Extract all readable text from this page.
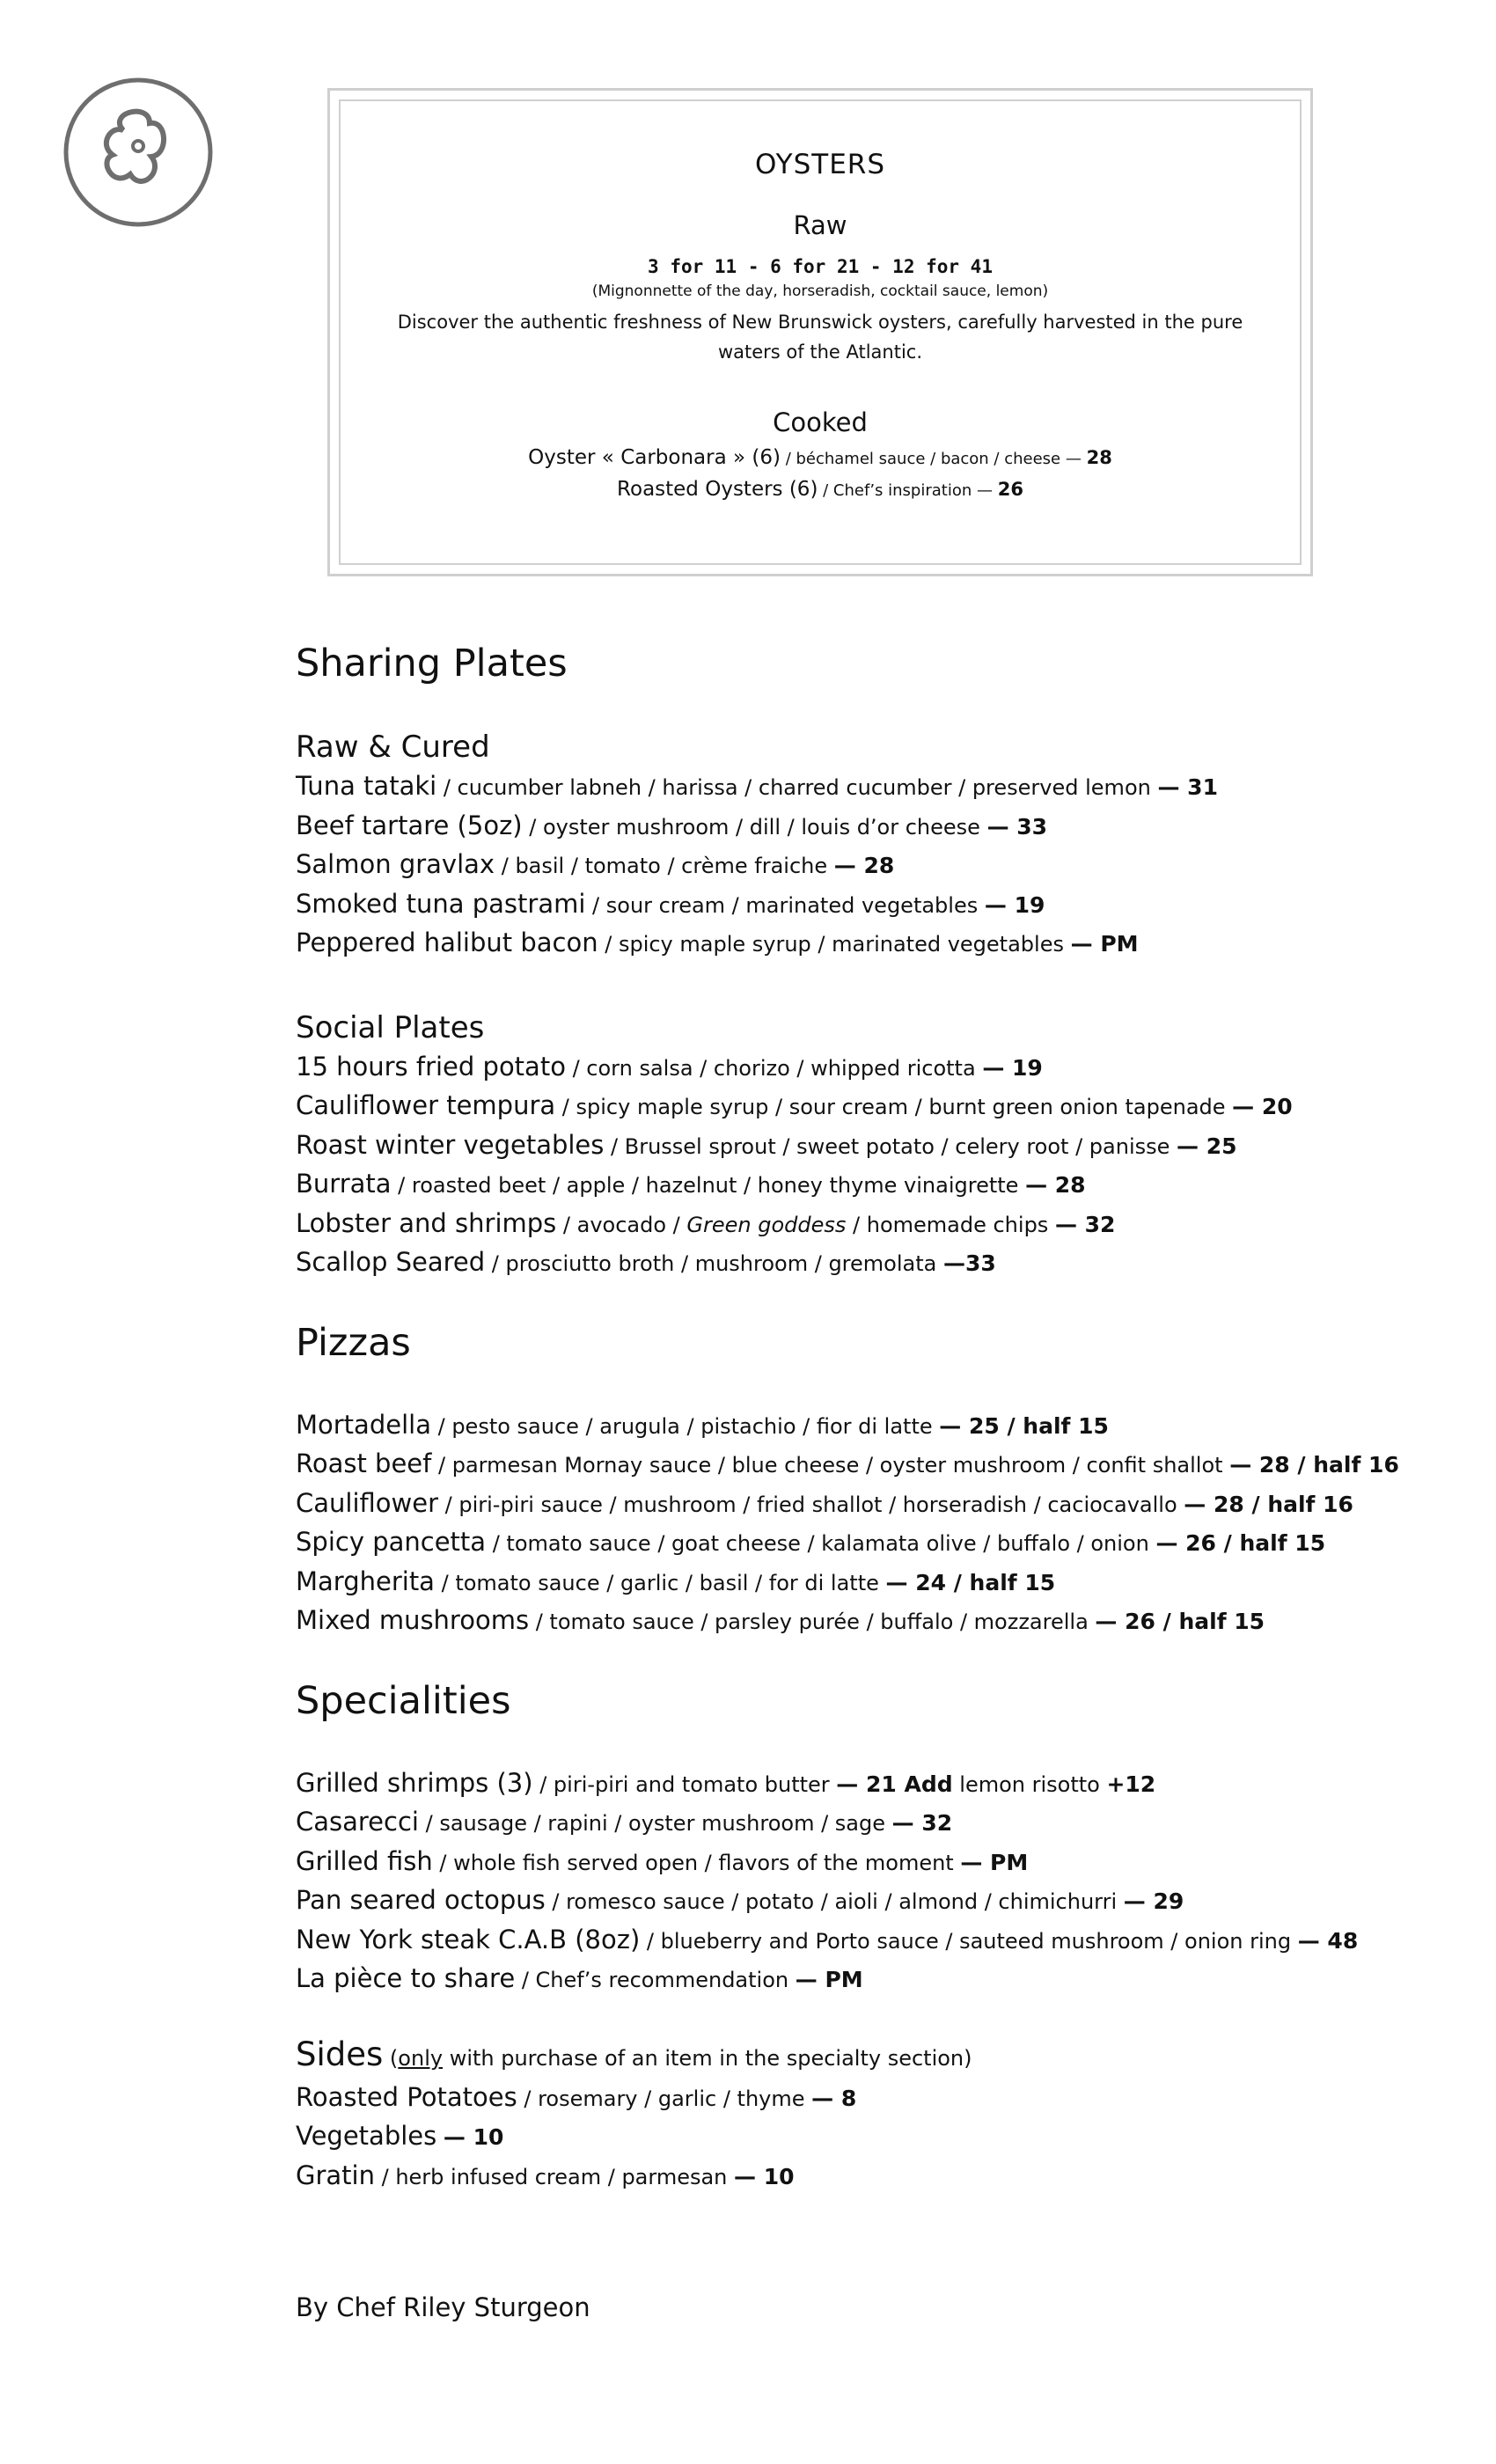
OYSTERS
Raw
3 for 11 - 6 for 21 - 12 for 41
(Mignonnette of the day, horseradish, cocktail sauce, lemon)
Discover the authentic freshness of New Brunswick oysters, carefully harvested in the pure waters of the Atlantic.
Cooked
Oyster « Carbonara » (6) / béchamel sauce / bacon / cheese — 28
Roasted Oysters (6) / Chef’s inspiration — 26
Sharing Plates
Raw & Cured
Tuna tataki / cucumber labneh / harissa / charred cucumber / preserved lemon — 31
Beef tartare (5oz) / oyster mushroom / dill / louis d’or cheese — 33
Salmon gravlax / basil / tomato / crème fraiche — 28
Smoked tuna pastrami / sour cream / marinated vegetables — 19
Peppered halibut bacon / spicy maple syrup / marinated vegetables — PM
Social Plates
15 hours fried potato / corn salsa / chorizo / whipped ricotta — 19
Cauliflower tempura / spicy maple syrup / sour cream / burnt green onion tapenade — 20
Roast winter vegetables / Brussel sprout / sweet potato / celery root / panisse — 25
Burrata / roasted beet / apple / hazelnut / honey thyme vinaigrette — 28
Lobster and shrimps / avocado / Green goddess / homemade chips — 32
Scallop Seared / prosciutto broth / mushroom / gremolata —33
Pizzas
Mortadella / pesto sauce / arugula / pistachio / fior di latte — 25 / half 15
Roast beef / parmesan Mornay sauce / blue cheese / oyster mushroom / confit shallot — 28 / half 16
Cauliflower / piri-piri sauce / mushroom / fried shallot / horseradish / caciocavallo — 28 / half 16
Spicy pancetta / tomato sauce / goat cheese / kalamata olive / buffalo / onion — 26 / half 15
Margherita / tomato sauce / garlic / basil / for di latte — 24 / half 15
Mixed mushrooms / tomato sauce / parsley purée / buffalo / mozzarella — 26 / half 15
Specialities
Grilled shrimps (3) / piri-piri and tomato butter — 21 Add lemon risotto +12
Casarecci / sausage / rapini / oyster mushroom / sage — 32
Grilled fish / whole fish served open / flavors of the moment — PM
Pan seared octopus / romesco sauce / potato / aioli / almond / chimichurri — 29
New York steak C.A.B (8oz) / blueberry and Porto sauce / sauteed mushroom / onion ring — 48
La pièce to share / Chef’s recommendation — PM
Sides (only with purchase of an item in the specialty section)
Roasted Potatoes / rosemary / garlic / thyme — 8
Vegetables — 10
Gratin / herb infused cream / parmesan — 10
By Chef Riley Sturgeon
